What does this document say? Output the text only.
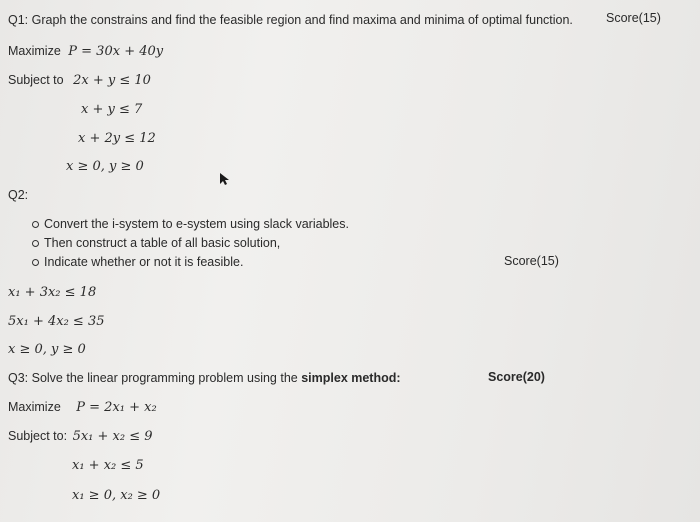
Q1: Graph the constrains and find the feasible region and find maxima and minima of optimal function.	Score(15)
Maximize P = 30x + 40y
Subject to 2x + y ≤ 10
x + y ≤ 7
x + 2y ≤ 12
x ≥ 0, y ≥ 0
Q2:
Convert the i-system to e-system using slack variables.
Then construct a table of all basic solution,
Indicate whether or not it is feasible.	Score(15)
x₁ + 3x₂ ≤ 18
5x₁ + 4x₂ ≤ 35
x ≥ 0, y ≥ 0
Q3: Solve the linear programming problem using the simplex method:	Score(20)
Maximize P = 2x₁ + x₂
Subject to: 5x₁ + x₂ ≤ 9
x₁ + x₂ ≤ 5
x₁ ≥ 0, x₂ ≥ 0
